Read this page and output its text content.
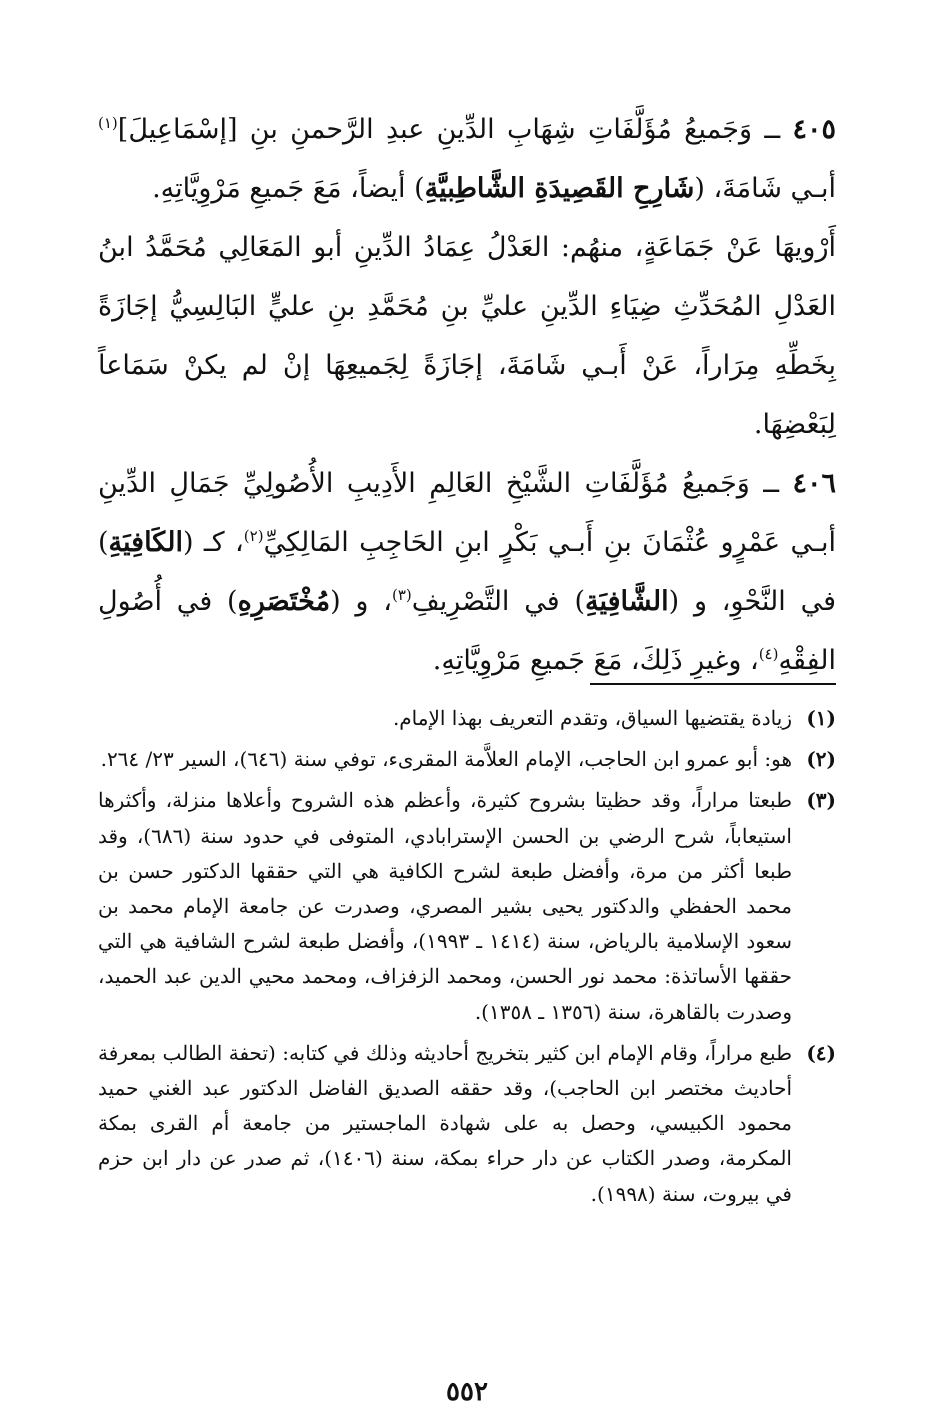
٤٠٥ ــ وَجَميعُ مُؤَلَّفَاتِ شِهَابِ الدِّينِ عبدِ الرَّحمنِ بنِ [إسْمَاعِيلَ]$^{(١)}$ أبـي شَامَةَ، (شَارِحِ القَصِيدَةِ الشَّاطِبيَّةِ) أيضاً، مَعَ جَميعِ مَرْوِيَّاتِهِ.

أَرْويهَا عَنْ جَمَاعَةٍ، منهُم: العَدْلُ عِمَادُ الدِّينِ أبو المَعَالِي مُحَمَّدُ ابنُ العَدْلِ المُحَدِّثِ ضِيَاءِ الدِّينِ عليِّ بنِ مُحَمَّدِ بنِ عليٍّ البَالِسِيُّ إجَازَةً بِخَطِّهِ مِرَاراً، عَنْ أَبـي شَامَةَ، إجَازَةً لِجَميعِهَا إنْ لم يكنْ سَمَاعاً لِبَعْضِهَا.

٤٠٦ ــ وَجَميعُ مُؤَلَّفَاتِ الشَّيْخِ العَالِمِ الأَدِيبِ الأُصُولِيِّ جَمَالِ الدِّينِ أبـي عَمْرٍو عُثْمَانَ بنِ أَبـي بَكْرٍ ابنِ الحَاجِبِ المَالِكِيِّ$^{(٢)}$، كـ (الكَافِيَةِ) في النَّحْوِ، و (الشَّافِيَةِ) في التَّصْرِيفِ$^{(٣)}$، و (مُخْتَصَرِهِ) في أُصُولِ الفِقْهِ$^{(٤)}$، وغيرِ ذَلِكَ، مَعَ جَميعِ مَرْوِيَّاتِهِ.

(١)
زيادة يقتضيها السياق، وتقدم التعريف بهذا الإمام.
(٢)
هو: أبو عمرو ابن الحاجب، الإمام العلاَّمة المقرىء، توفي سنة (٦٤٦)، السير ٢٣/ ٢٦٤.
(٣)
طبعتا مراراً، وقد حظيتا بشروح كثيرة، وأعظم هذه الشروح وأعلاها منزلة، وأكثرها استيعاباً، شرح الرضي بن الحسن الإسترابادي، المتوفى في حدود سنة (٦٨٦)، وقد طبعا أكثر من مرة، وأفضل طبعة لشرح الكافية هي التي حققها الدكتور حسن بن محمد الحفظي والدكتور يحيى بشير المصري، وصدرت عن جامعة الإمام محمد بن سعود الإسلامية بالرياض، سنة (١٤١٤ ـ ١٩٩٣)، وأفضل طبعة لشرح الشافية هي التي حققها الأساتذة: محمد نور الحسن، ومحمد الزفزاف، ومحمد محيي الدين عبد الحميد، وصدرت بالقاهرة، سنة (١٣٥٦ ـ ١٣٥٨).
(٤)
طبع مراراً، وقام الإمام ابن كثير بتخريج أحاديثه وذلك في كتابه: (تحفة الطالب بمعرفة أحاديث مختصر ابن الحاجب)، وقد حققه الصديق الفاضل الدكتور عبد الغني حميد محمود الكبيسي، وحصل به على شهادة الماجستير من جامعة أم القرى بمكة المكرمة، وصدر الكتاب عن دار حراء بمكة، سنة (١٤٠٦)، ثم صدر عن دار ابن حزم في بيروت، سنة (١٩٩٨).
٥٥٢
